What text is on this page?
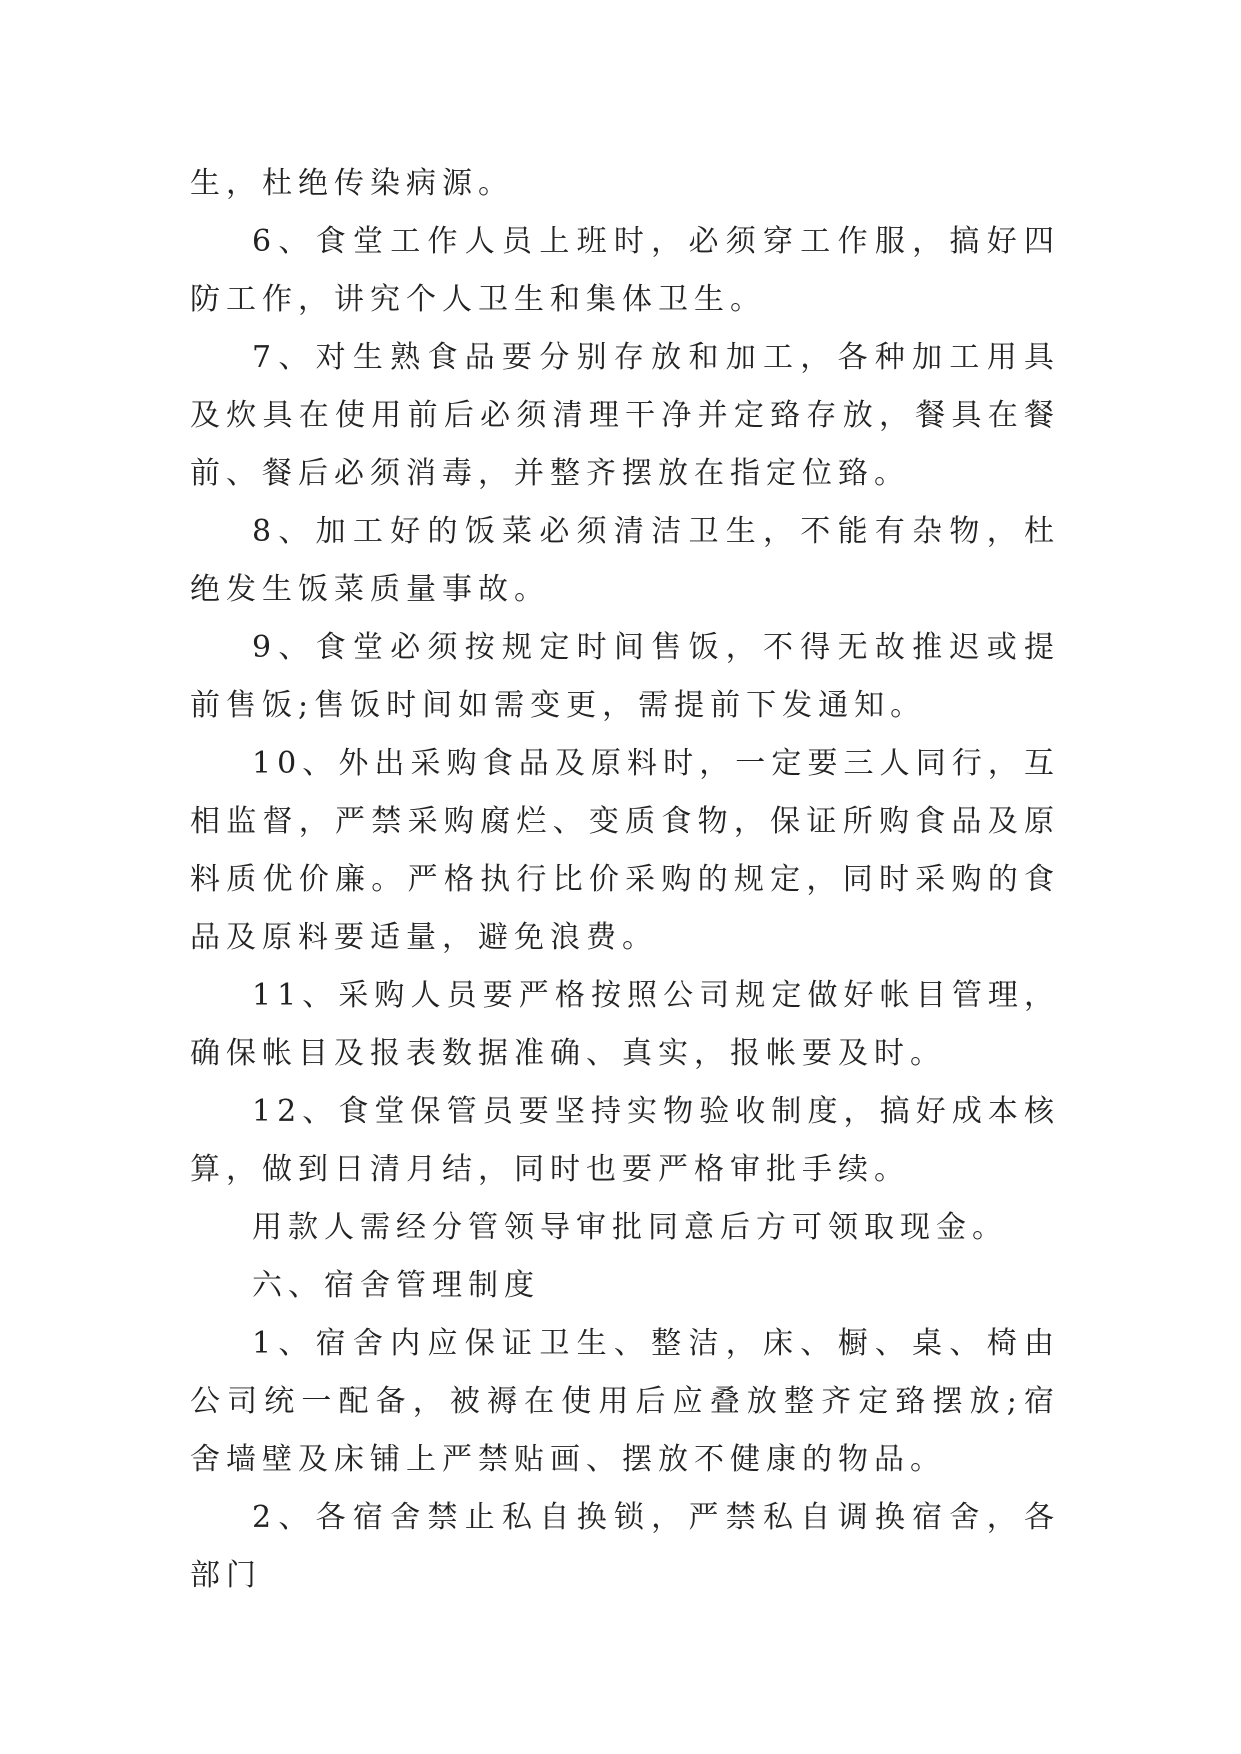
生，杜绝传染病源。

6、食堂工作人员上班时，必须穿工作服，搞好四防工作，讲究个人卫生和集体卫生。

7、对生熟食品要分别存放和加工，各种加工用具及炊具在使用前后必须清理干净并定臵存放，餐具在餐前、餐后必须消毒，并整齐摆放在指定位臵。

8、加工好的饭菜必须清洁卫生，不能有杂物，杜绝发生饭菜质量事故。

9、食堂必须按规定时间售饭，不得无故推迟或提前售饭;售饭时间如需变更，需提前下发通知。

10、外出采购食品及原料时，一定要三人同行，互相监督，严禁采购腐烂、变质食物，保证所购食品及原料质优价廉。严格执行比价采购的规定，同时采购的食品及原料要适量，避免浪费。

11、采购人员要严格按照公司规定做好帐目管理，确保帐目及报表数据准确、真实，报帐要及时。

12、食堂保管员要坚持实物验收制度，搞好成本核算，做到日清月结，同时也要严格审批手续。

用款人需经分管领导审批同意后方可领取现金。

六、宿舍管理制度

1、宿舍内应保证卫生、整洁，床、橱、桌、椅由公司统一配备，被褥在使用后应叠放整齐定臵摆放;宿舍墙壁及床铺上严禁贴画、摆放不健康的物品。

2、各宿舍禁止私自换锁，严禁私自调换宿舍，各部门
